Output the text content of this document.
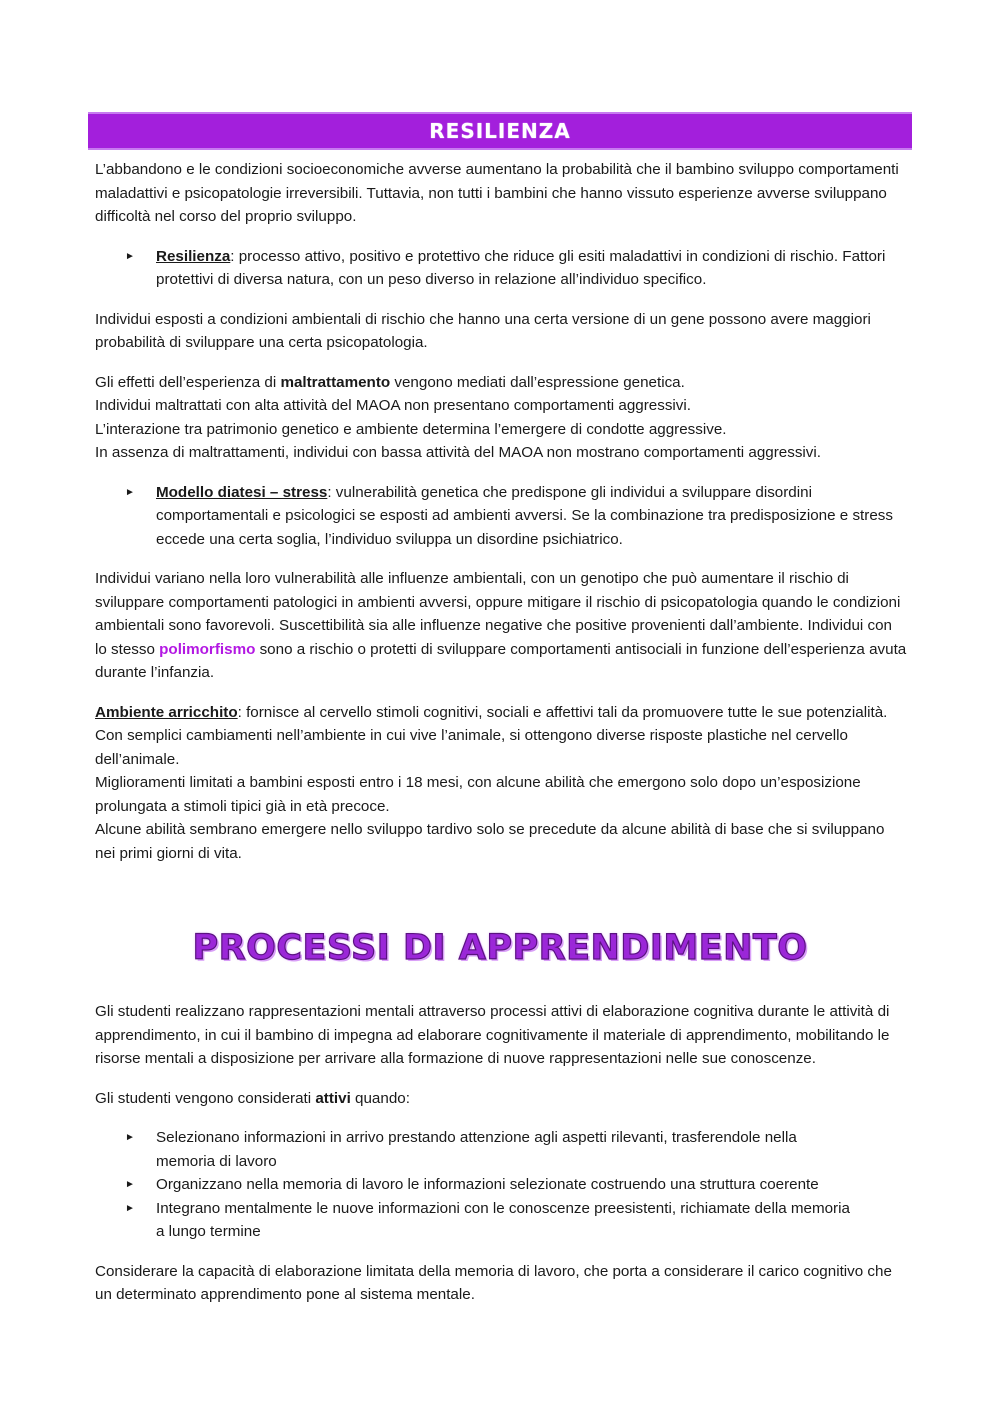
RESILIENZA

L’abbandono e le condizioni socioeconomiche avverse aumentano la probabilità che il bambino sviluppo comportamenti maladattivi e psicopatologie irreversibili. Tuttavia, non tutti i bambini che hanno vissuto esperienze avverse sviluppano difficoltà nel corso del proprio sviluppo.

► Resilienza: processo attivo, positivo e protettivo che riduce gli esiti maladattivi in condizioni di rischio. Fattori protettivi di diversa natura, con un peso diverso in relazione all’individuo specifico.

Individui esposti a condizioni ambientali di rischio che hanno una certa versione di un gene possono avere maggiori probabilità di sviluppare una certa psicopatologia.

Gli effetti dell’esperienza di maltrattamento vengono mediati dall’espressione genetica.
Individui maltrattati con alta attività del MAOA non presentano comportamenti aggressivi.
L’interazione tra patrimonio genetico e ambiente determina l’emergere di condotte aggressive.
In assenza di maltrattamenti, individui con bassa attività del MAOA non mostrano comportamenti aggressivi.

► Modello diatesi – stress: vulnerabilità genetica che predispone gli individui a sviluppare disordini comportamentali e psicologici se esposti ad ambienti avversi. Se la combinazione tra predisposizione e stress eccede una certa soglia, l’individuo sviluppa un disordine psichiatrico.

Individui variano nella loro vulnerabilità alle influenze ambientali, con un genotipo che può aumentare il rischio di sviluppare comportamenti patologici in ambienti avversi, oppure mitigare il rischio di psicopatologia quando le condizioni ambientali sono favorevoli. Suscettibilità sia alle influenze negative che positive provenienti dall’ambiente. Individui con lo stesso polimorfismo sono a rischio o protetti di sviluppare comportamenti antisociali in funzione dell’esperienza avuta durante l’infanzia.

Ambiente arricchito: fornisce al cervello stimoli cognitivi, sociali e affettivi tali da promuovere tutte le sue potenzialità. Con semplici cambiamenti nell’ambiente in cui vive l’animale, si ottengono diverse risposte plastiche nel cervello dell’animale.
Miglioramenti limitati a bambini esposti entro i 18 mesi, con alcune abilità che emergono solo dopo un’esposizione prolungata a stimoli tipici già in età precoce.
Alcune abilità sembrano emergere nello sviluppo tardivo solo se precedute da alcune abilità di base che si sviluppano nei primi giorni di vita.

PROCESSI DI APPRENDIMENTO

Gli studenti realizzano rappresentazioni mentali attraverso processi attivi di elaborazione cognitiva durante le attività di apprendimento, in cui il bambino di impegna ad elaborare cognitivamente il materiale di apprendimento, mobilitando le risorse mentali a disposizione per arrivare alla formazione di nuove rappresentazioni nelle sue conoscenze.

Gli studenti vengono considerati attivi quando:

► Selezionano informazioni in arrivo prestando attenzione agli aspetti rilevanti, trasferendole nella memoria di lavoro
► Organizzano nella memoria di lavoro le informazioni selezionate costruendo una struttura coerente
► Integrano mentalmente le nuove informazioni con le conoscenze preesistenti, richiamate della memoria a lungo termine

Considerare la capacità di elaborazione limitata della memoria di lavoro, che porta a considerare il carico cognitivo che un determinato apprendimento pone al sistema mentale.
